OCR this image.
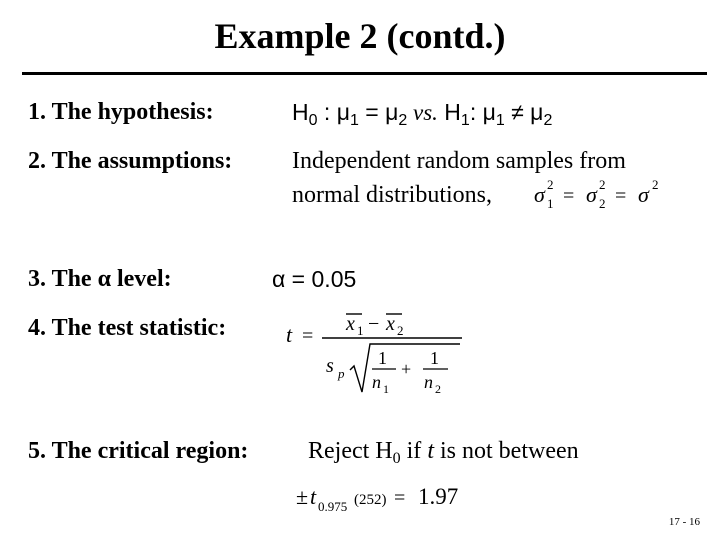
Example 2 (contd.)
1. The hypothesis:	$H_0$ : $\mu_1 = \mu_2$ vs. $H_1$: $\mu_1 \ne \mu_2$
2. The assumptions: Independent random samples from
normal distributions, σ 1
2
= σ 2
2
= σ 2
3. The α level:	α = 0.05
4. The test statistic:	t =
x 1 − x 2
s p
1
n 1
+
1
n 2
5. The critical region: Reject $H_0$ if t is not between
± t 0.975 (252) = 1.97
17 - 16
